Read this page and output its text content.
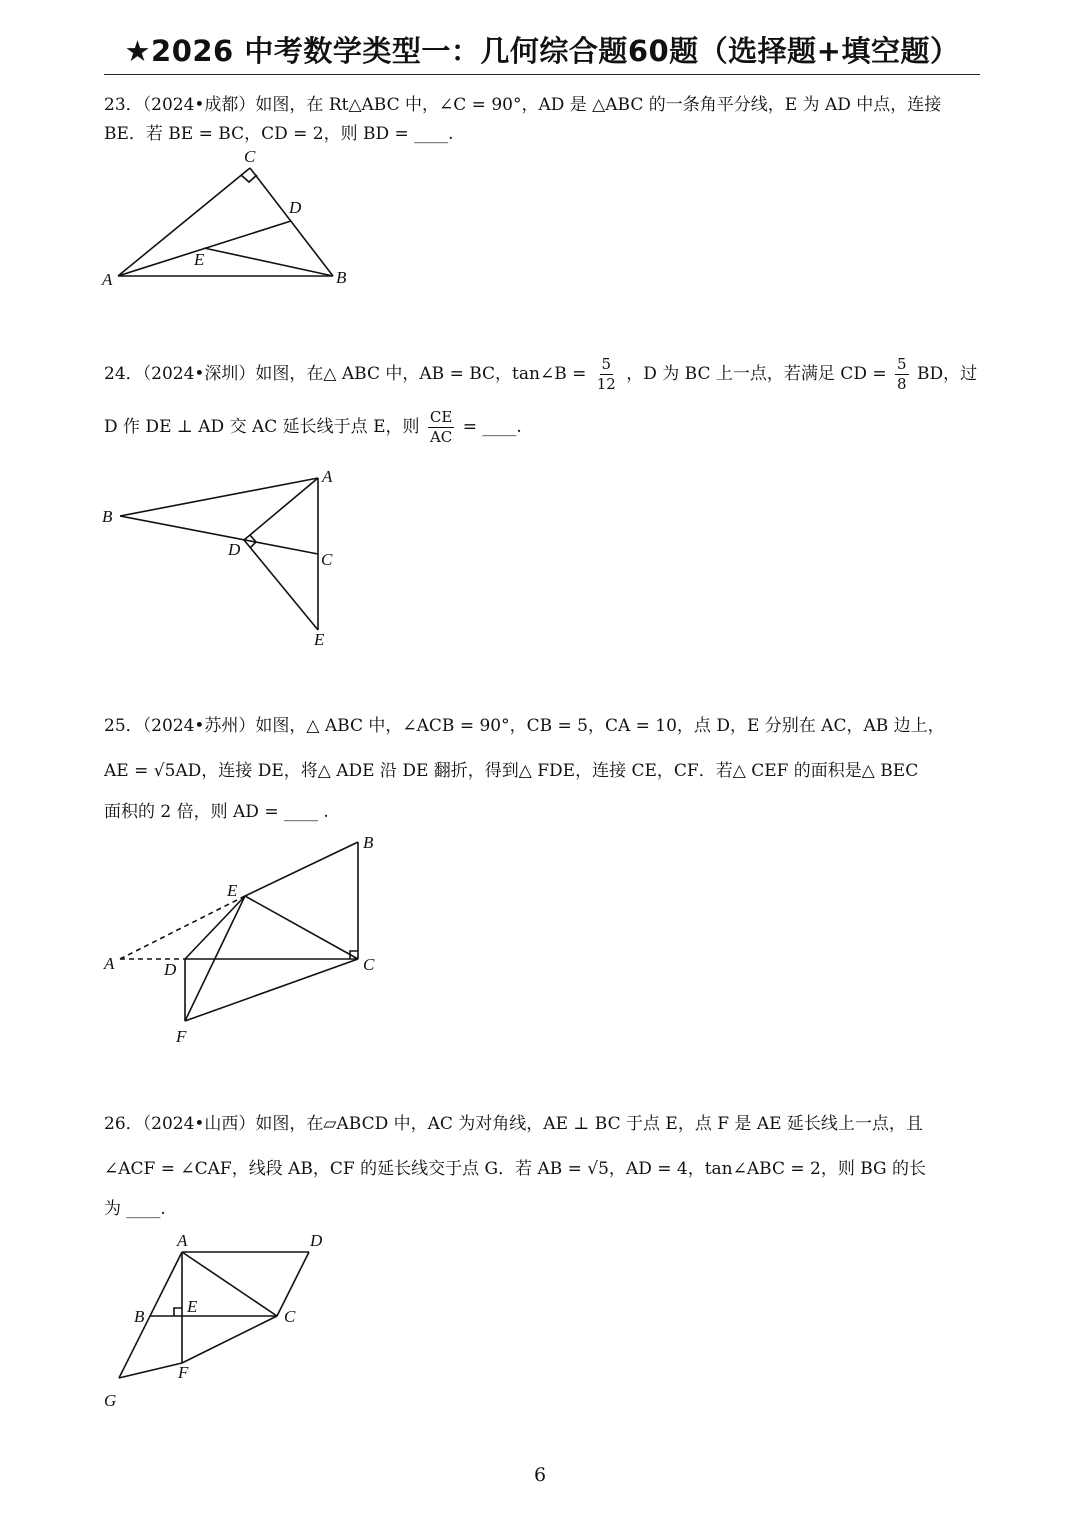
★2026 中考数学类型一：几何综合题60题（选择题+填空题）
23．（2024•成都）如图，在 Rt△ABC 中，∠C = 90°，AD 是 △ABC 的一条角平分线，E 为 AD 中点，连接
BE．若 BE = BC，CD = 2，则 BD = ____.
A	B
C
D
E
24．（2024•深圳）如图，在△ ABC 中，AB = BC，tan∠B = $\frac{5}{12}$ ，D 为 BC 上一点，若满足 CD = $\frac{5}{8}$ BD，过
D 作 DE ⊥ AD 交 AC 延长线于点 E，则 $\frac{CE}{AC}$ = ____.
B
A
C
D
E
25．（2024•苏州）如图，△ ABC 中，∠ACB = 90°，CB = 5，CA = 10，点 D，E 分别在 AC，AB 边上，
AE = √5AD，连接 DE，将△ ADE 沿 DE 翻折，得到△ FDE，连接 CE，CF．若△ CEF 的面积是△ BEC
面积的 2 倍，则 AD = ____ .
A
B
C
D
E
F
26．（2024•山西）如图，在▱ABCD 中，AC 为对角线，AE ⊥ BC 于点 E，点 F 是 AE 延长线上一点，且
∠ACF = ∠CAF，线段 AB，CF 的延长线交于点 G．若 AB = √5，AD = 4，tan∠ABC = 2，则 BG 的长
为 ____.
A	D
B
E
C
F
G
6
